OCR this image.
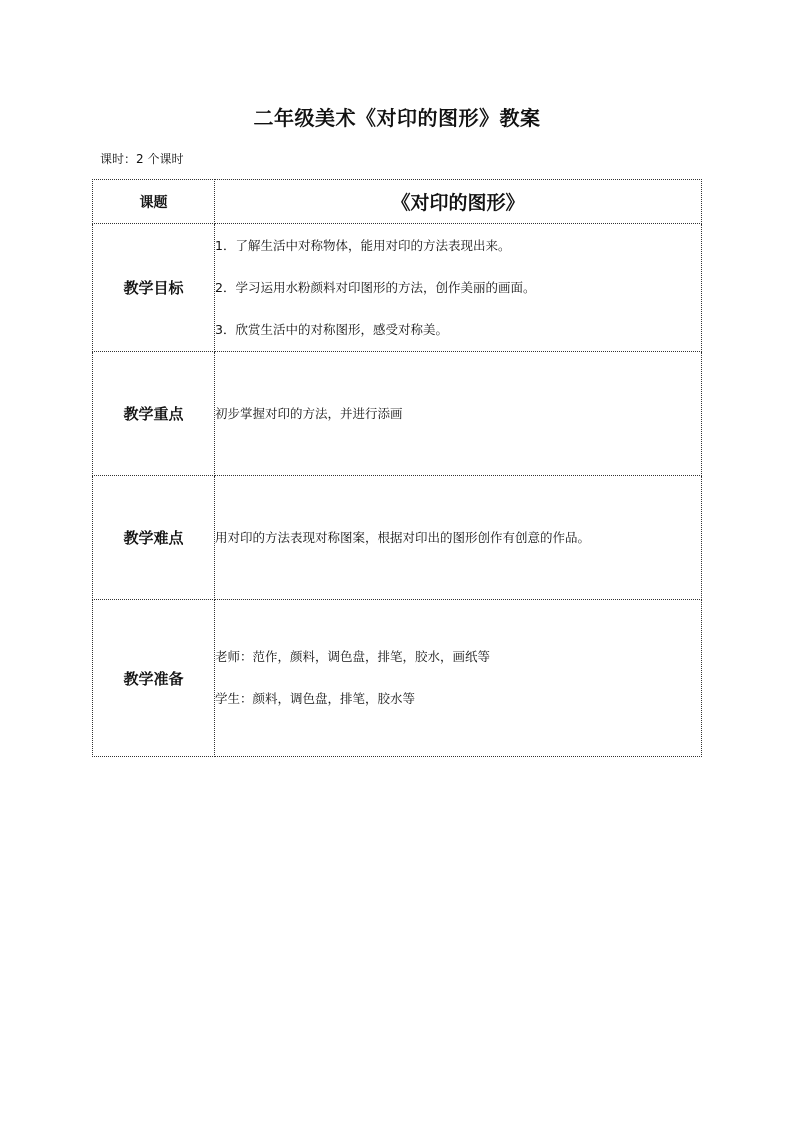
二年级美术《对印的图形》教案
课时：2 个课时
课题	《对印的图形》
教学目标	1．了解生活中对称物体，能用对印的方法表现出来。
2．学习运用水粉颜料对印图形的方法，创作美丽的画面。
3．欣赏生活中的对称图形，感受对称美。

教学重点	初步掌握对印的方法，并进行添画
教学难点	用对印的方法表现对称图案，根据对印出的图形创作有创意的作品。
教学准备	老师：范作，颜料，调色盘，排笔，胶水，画纸等
学生：颜料，调色盘，排笔，胶水等
